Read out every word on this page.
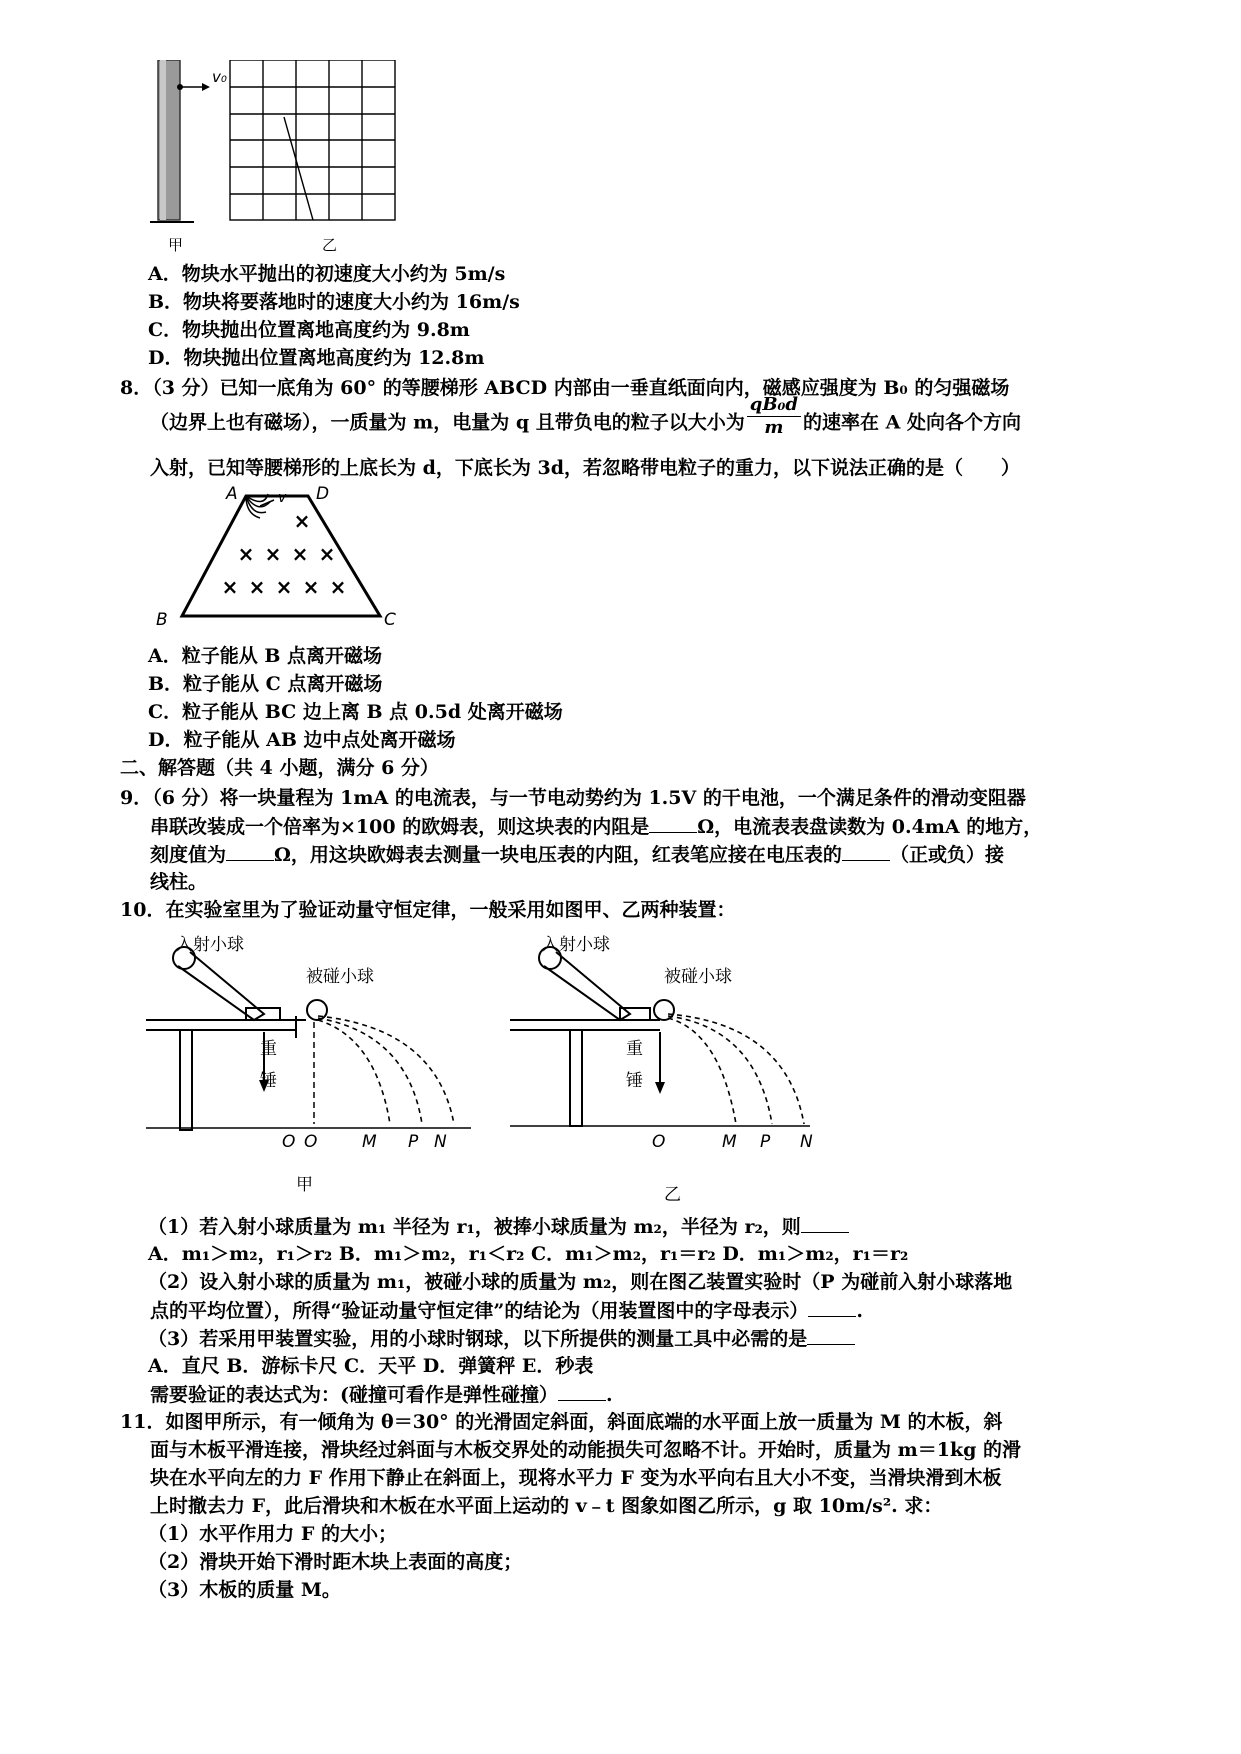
v₀
甲	乙
A．物块水平抛出的初速度大小约为 5m/s
B．物块将要落地时的速度大小约为 16m/s
C．物块抛出位置离地高度约为 9.8m
D．物块抛出位置离地高度约为 12.8m
8．（3 分）已知一底角为 60° 的等腰梯形 ABCD 内部由一垂直纸面向内，磁感应强度为 B₀ 的匀强磁场
（边界上也有磁场），一质量为 m，电量为 q 且带负电的粒子以大小为 $\frac{\text{qB₀d}}{m}$ 的速率在 A 处向各个方向
入射，已知等腰梯形的上底长为 d，下底长为 3d，若忽略带电粒子的重力，以下说法正确的是（　　）
×
× × × ×
× × × × ×
A	D
v
B	C
A．粒子能从 B 点离开磁场
B．粒子能从 C 点离开磁场
C．粒子能从 BC 边上离 B 点 0.5d 处离开磁场
D．粒子能从 AB 边中点处离开磁场
二、解答题（共 4 小题，满分 6 分）
9．（6 分）将一块量程为 1mA 的电流表，与一节电动势约为 1.5V 的干电池，一个满足条件的滑动变阻器
串联改装成一个倍率为×100 的欧姆表，则这块表的内阻是	Ω，电流表表盘读数为 0.4mA 的地方，
刻度值为	Ω，用这块欧姆表去测量一块电压表的内阻，红表笔应接在电压表的	（正或负）接
线柱。
10．在实验室里为了验证动量守恒定律，一般采用如图甲、乙两种装置：
入射小球
被碰小球
重
锤
O O	M P N
甲
入射小球
被碰小球
重
锤
O	M P N
乙
（1）若入射小球质量为 m₁ 半径为 r₁，被捧小球质量为 m₂，半径为 r₂，则
A．m₁＞m₂，r₁＞r₂ B．m₁＞m₂，r₁＜r₂ C．m₁＞m₂，r₁＝r₂ D．m₁＞m₂，r₁＝r₂
（2）设入射小球的质量为 m₁，被碰小球的质量为 m₂，则在图乙装置实验时（P 为碰前入射小球落地
点的平均位置），所得“验证动量守恒定律”的结论为（用装置图中的字母表示）	.
（3）若采用甲装置实验，用的小球时钢球，以下所提供的测量工具中必需的是
A．直尺 B．游标卡尺 C．天平 D．弹簧秤 E．秒表
需要验证的表达式为：(碰撞可看作是弹性碰撞）	.
11．如图甲所示，有一倾角为 θ＝30° 的光滑固定斜面，斜面底端的水平面上放一质量为 M 的木板，斜
面与木板平滑连接，滑块经过斜面与木板交界处的动能损失可忽略不计。开始时，质量为 m＝1kg 的滑
块在水平向左的力 F 作用下静止在斜面上，现将水平力 F 变为水平向右且大小不变，当滑块滑到木板
上时撤去力 F，此后滑块和木板在水平面上运动的 v﹣t 图象如图乙所示，g 取 10m/s². 求：
（1）水平作用力 F 的大小；
（2）滑块开始下滑时距木块上表面的高度；
（3）木板的质量 M。
